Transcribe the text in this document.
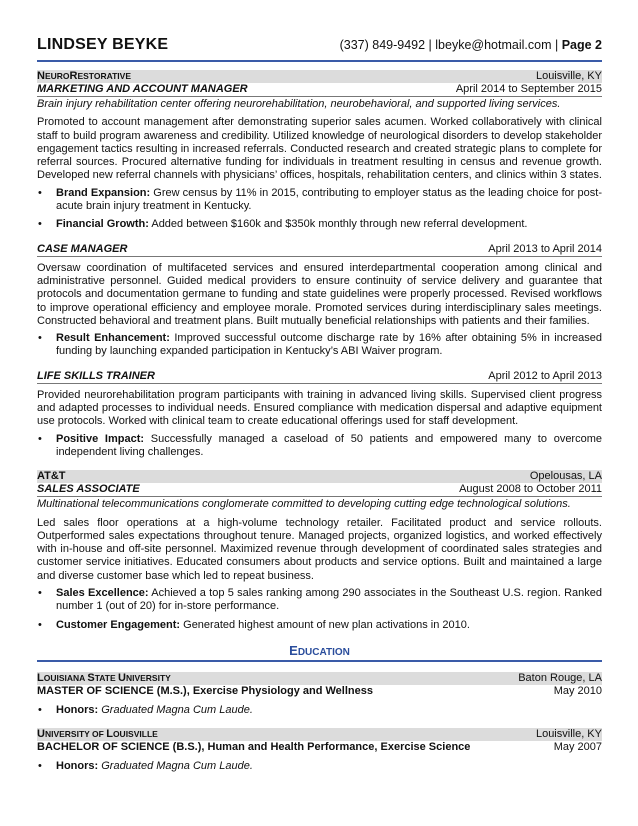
LINDSEY BEYKE	(337) 849-9492 | lbeyke@hotmail.com | Page 2
NEURORESTORATIVE	Louisville, KY
MARKETING AND ACCOUNT MANAGER	April 2014 to September 2015
Brain injury rehabilitation center offering neurorehabilitation, neurobehavioral, and supported living services.

Promoted to account management after demonstrating superior sales acumen. Worked collaboratively with clinical staff to build program awareness and credibility. Utilized knowledge of neurological disorders to develop stakeholder engagement tactics resulting in increased referrals. Conducted research and created strategic plans to complete for referral sources. Procured alternative funding for individuals in treatment resulting in census and revenue growth. Developed new referral channels with physicians’ offices, hospitals, rehabilitation centers, and clinics within 3 states.

• Brand Expansion: Grew census by 11% in 2015, contributing to employer status as the leading choice for post-acute brain injury treatment in Kentucky.
• Financial Growth: Added between $160k and $350k monthly through new referral development.
CASE MANAGER	April 2013 to April 2014

Oversaw coordination of multifaceted services and ensured interdepartmental cooperation among clinical and administrative personnel. Guided medical providers to ensure continuity of service delivery and guarantee that protocols and documentation germane to funding and state guidelines were properly processed. Revised workflows to improve operational efficiency and employee morale. Promoted services during interdisciplinary sales meetings. Constructed behavioral and treatment plans. Built mutually beneficial relationships with patients and their families.

• Result Enhancement: Improved successful outcome discharge rate by 16% after obtaining 5% in increased funding by launching expanded participation in Kentucky’s ABI Waiver program.
LIFE SKILLS TRAINER	April 2012 to April 2013

Provided neurorehabilitation program participants with training in advanced living skills. Supervised client progress and adapted processes to individual needs. Ensured compliance with medication dispersal and adaptive equipment use protocols. Worked with clinical team to create educational offerings used for staff development.

• Positive Impact: Successfully managed a caseload of 50 patients and empowered many to overcome independent living challenges.
AT&T	Opelousas, LA
SALES ASSOCIATE	August 2008 to October 2011
Multinational telecommunications conglomerate committed to developing cutting edge technological solutions.

Led sales floor operations at a high-volume technology retailer. Facilitated product and service rollouts. Outperformed sales expectations throughout tenure. Managed projects, organized logistics, and worked effectively with in-house and off-site personnel. Maximized revenue through development of coordinated sales strategies and customer service initiatives. Educated consumers about products and service options. Built and maintained a large and diverse customer base which led to repeat business.

• Sales Excellence: Achieved a top 5 sales ranking among 290 associates in the Southeast U.S. region. Ranked number 1 (out of 20) for in-store performance.
• Customer Engagement: Generated highest amount of new plan activations in 2010.
EDUCATION
LOUISIANA STATE UNIVERSITY	Baton Rouge, LA
MASTER OF SCIENCE (M.S.), Exercise Physiology and Wellness	May 2010
• Honors: Graduated Magna Cum Laude.
UNIVERSITY OF LOUISVILLE	Louisville, KY
BACHELOR OF SCIENCE (B.S.), Human and Health Performance, Exercise Science	May 2007
• Honors: Graduated Magna Cum Laude.
